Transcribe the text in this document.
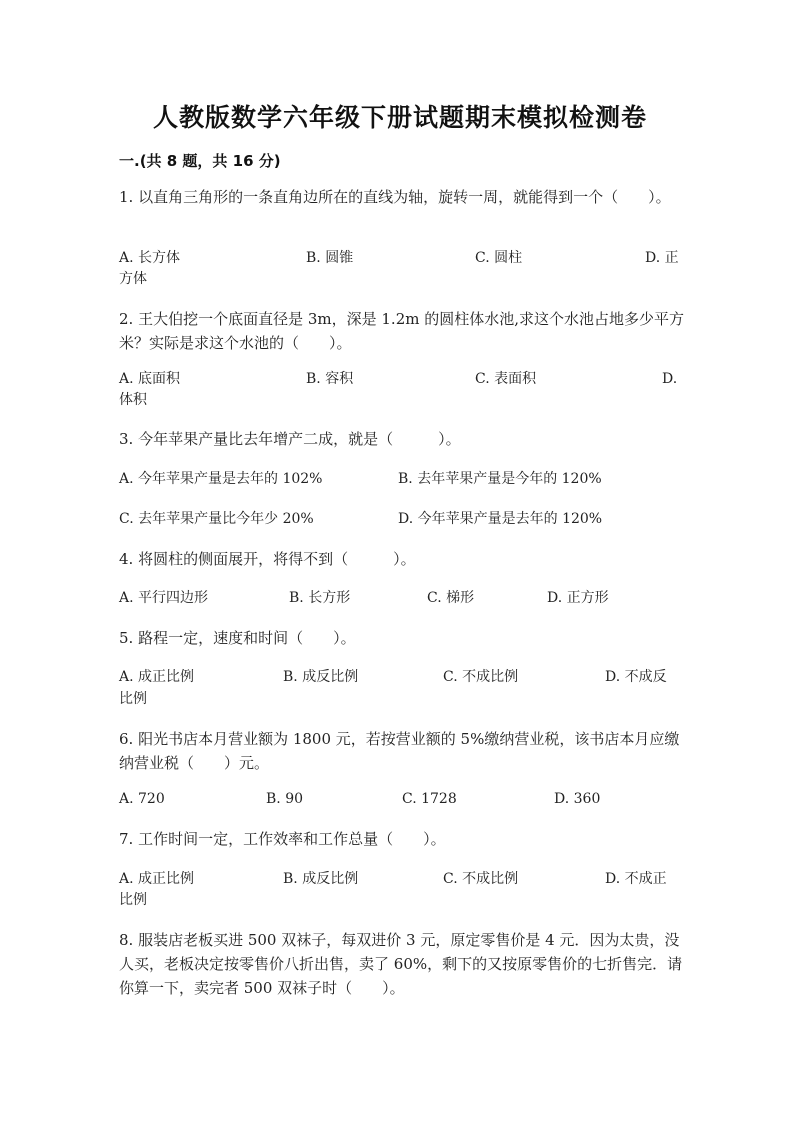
人教版数学六年级下册试题期末模拟检测卷
一.(共 8 题，共 16 分)
1. 以直角三角形的一条直角边所在的直线为轴，旋转一周，就能得到一个（　　）。
A. 长方体	B. 圆锥	C. 圆柱	D. 正
方体
2. 王大伯挖一个底面直径是 3m，深是 1.2m 的圆柱体水池,求这个水池占地多少平方米？实际是求这个水池的（　　）。
A. 底面积	B. 容积	C. 表面积	D.
体积
3. 今年苹果产量比去年增产二成，就是（　　　）。
A. 今年苹果产量是去年的 102%	B. 去年苹果产量是今年的 120%
C. 去年苹果产量比今年少 20%	D. 今年苹果产量是去年的 120%
4. 将圆柱的侧面展开，将得不到（　　　）。
A. 平行四边形	B. 长方形	C. 梯形	D. 正方形
5. 路程一定，速度和时间（　　）。
A. 成正比例	B. 成反比例	C. 不成比例	D. 不成反
比例
6. 阳光书店本月营业额为 1800 元，若按营业额的 5%缴纳营业税，该书店本月应缴纳营业税（　　）元。
A. 720	B. 90	C. 1728	D. 360
7. 工作时间一定，工作效率和工作总量（　　）。
A. 成正比例	B. 成反比例	C. 不成比例	D. 不成正
比例
8. 服装店老板买进 500 双袜子，每双进价 3 元，原定零售价是 4 元．因为太贵，没人买，老板决定按零售价八折出售，卖了 60%，剩下的又按原零售价的七折售完．请你算一下，卖完者 500 双袜子时（　　）。
